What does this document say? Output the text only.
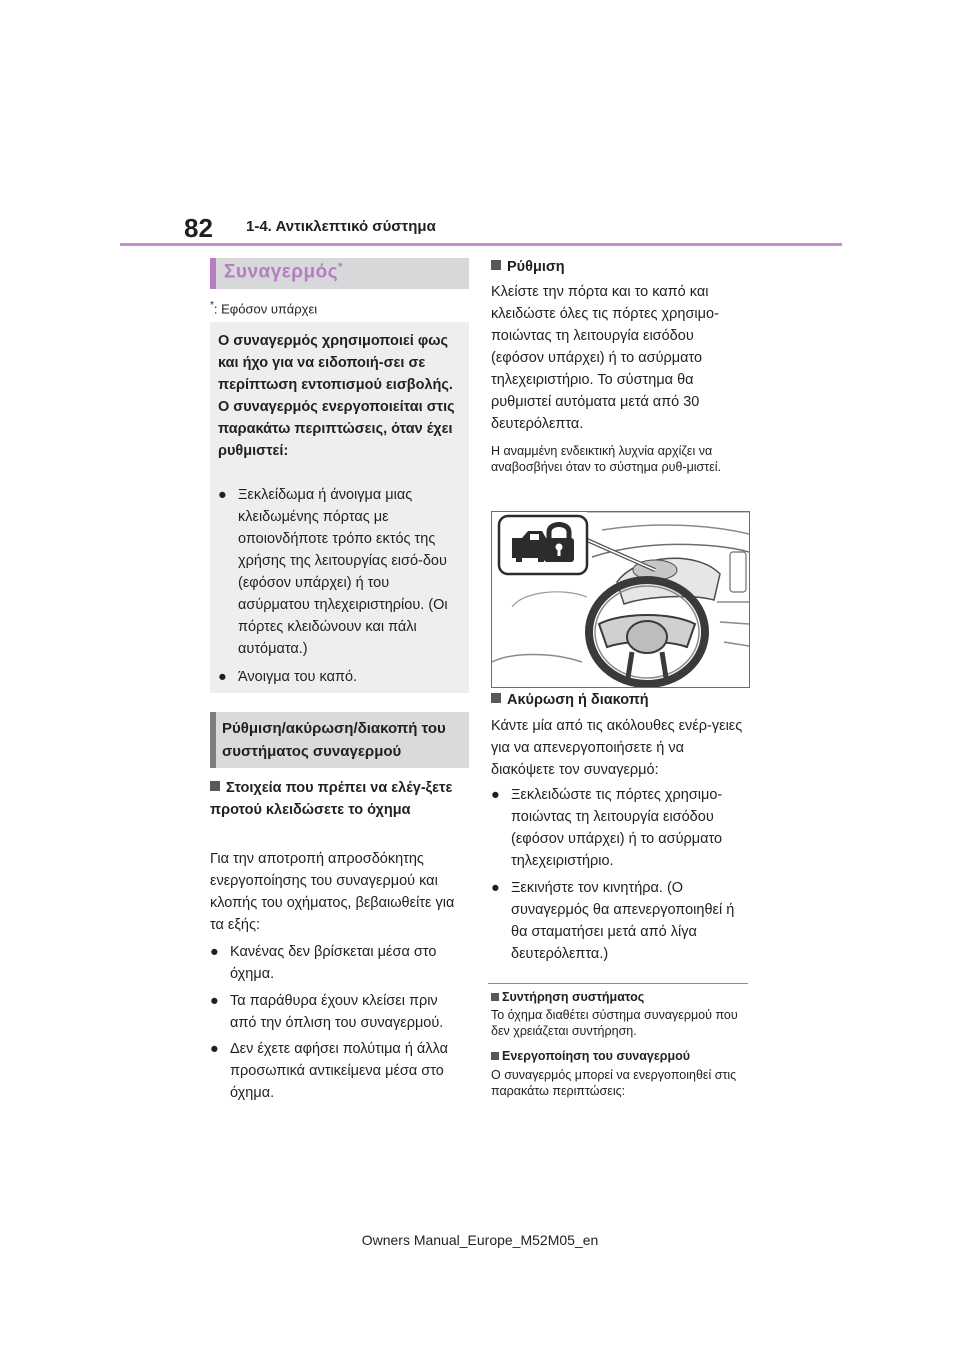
82 1-4. Αντικλεπτικό σύστημα
Συναγερμός*
*: Εφόσον υπάρχει
Ο συναγερμός χρησιμοποιεί φως και ήχο για να ειδοποιή-σει σε περίπτωση εντοπισμού εισβολής. Ο συναγερμός ενεργοποιείται στις παρακάτω περιπτώσεις, όταν έχει ρυθμιστεί:
● Ξεκλείδωμα ή άνοιγμα μιας κλειδωμένης πόρτας με οποιονδήποτε τρόπο εκτός της χρήσης της λειτουργίας εισό-δου (εφόσον υπάρχει) ή του ασύρματου τηλεχειριστηρίου. (Οι πόρτες κλειδώνουν και πάλι αυτόματα.)
● Άνοιγμα του καπό.
Ρύθμιση/ακύρωση/διακοπή του συστήματος συναγερμού
Στοιχεία που πρέπει να ελέγ-ξετε προτού κλειδώσετε το όχημα
Για την αποτροπή απροσδόκητης ενεργοποίησης του συναγερμού και κλοπής του οχήματος, βεβαιωθείτε για τα εξής:
● Κανένας δεν βρίσκεται μέσα στο όχημα.
● Τα παράθυρα έχουν κλείσει πριν από την όπλιση του συναγερμού.
● Δεν έχετε αφήσει πολύτιμα ή άλλα προσωπικά αντικείμενα μέσα στο όχημα.
Ρύθμιση
Κλείστε την πόρτα και το καπό και κλειδώστε όλες τις πόρτες χρησιμο-ποιώντας τη λειτουργία εισόδου (εφόσον υπάρχει) ή το ασύρματο τηλεχειριστήριο. Το σύστημα θα ρυθμιστεί αυτόματα μετά από 30 δευτερόλεπτα.
Η αναμμένη ενδεικτική λυχνία αρχίζει να αναβοσβήνει όταν το σύστημα ρυθ-μιστεί.
Ακύρωση ή διακοπή
Κάντε μία από τις ακόλουθες ενέρ-γειες για να απενεργοποιήσετε ή να διακόψετε τον συναγερμό:
● Ξεκλειδώστε τις πόρτες χρησιμο-ποιώντας τη λειτουργία εισόδου (εφόσον υπάρχει) ή το ασύρματο τηλεχειριστήριο.
● Ξεκινήστε τον κινητήρα. (Ο συναγερμός θα απενεργοποιηθεί ή θα σταματήσει μετά από λίγα δευτερόλεπτα.)
Συντήρηση συστήματος
Το όχημα διαθέτει σύστημα συναγερμού που δεν χρειάζεται συντήρηση.
Ενεργοποίηση του συναγερμού
Ο συναγερμός μπορεί να ενεργοποιηθεί στις παρακάτω περιπτώσεις:
Owners Manual_Europe_M52M05_en
